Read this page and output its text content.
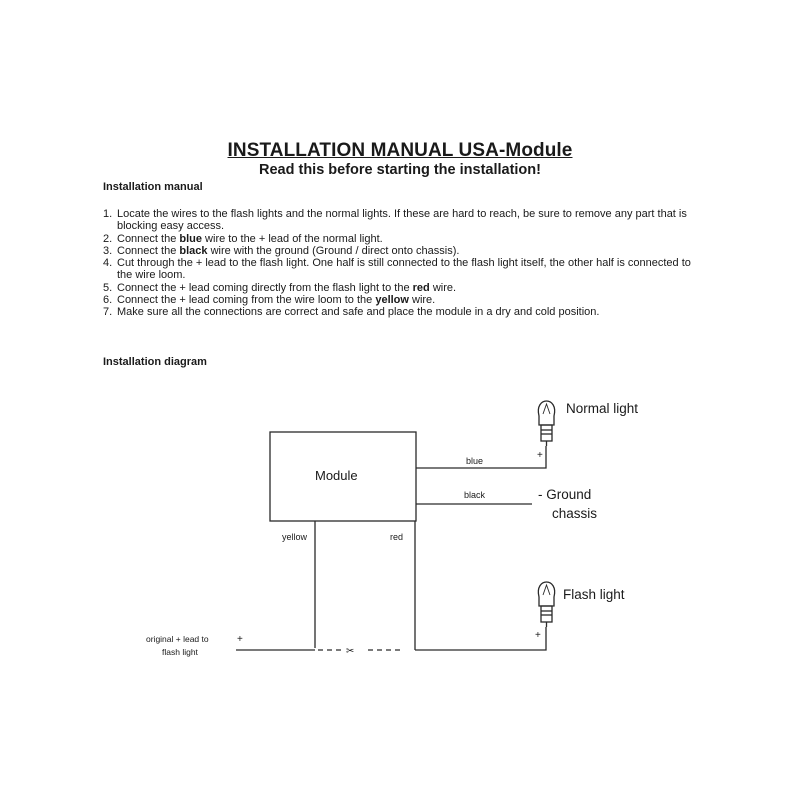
INSTALLATION MANUAL USA-Module
Read this before starting the installation!
Installation manual
1. Locate the wires to the flash lights and the normal lights. If these are hard to reach, be sure to remove any part that is blocking easy access.
2. Connect the blue wire to the + lead of the normal light.
3. Connect the black wire with the ground (Ground / direct onto chassis).
4. Cut through the + lead to the flash light. One half is still connected to the flash light itself, the other half is connected to the wire loom.
5. Connect the + lead coming directly from the flash light to the red wire.
6. Connect the + lead coming from the wire loom to the yellow wire.
7. Make sure all the connections are correct and safe and place the module in a dry and cold position.
Installation diagram
Module
blue
black
yellow	red
Normal light
+
- Ground
chassis
Flash light
+
original + lead to
flash light
+
✂
